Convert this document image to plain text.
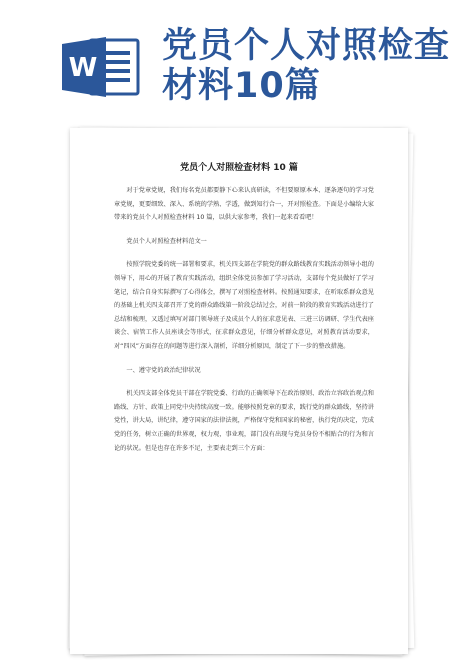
W
党员个人对照检查
材料10篇
党员个人对照检查材料 10 篇

对于党章党规，我们每名党员都要静下心来认真研读，不但要原原本本、逐条逐句的学习党章党规，更要细致、深入、系统的学熟、学透，做到知行合一，开对照检查。下面是小编给大家带来的党员个人对照检查材料 10 篇，以供大家参考，我们一起来看看吧！

党员个人对照检查材料范文一

按照学院党委的统一部署和要求，机关四支部在学院党的群众路线教育实践活动领导小组的领导下，用心的开展了教育实践活动，组织全体党员参加了学习活动，支部每个党员做好了学习笔记，结合自身实际撰写了心得体会，撰写了对照检查材料。按照通知要求，在听取系群众意见的基础上机关四支部召开了党的群众路线第一阶段总结过会，对前一阶段的教育实践活动进行了总结和梳理，又透过填写对部门领导班子及成员个人的征求意见表、三进三访调研、学生代表座谈会、宿管工作人员座谈会等形式，征求群众意见，仔细分析群众意见，对照教育活动要求，对“四风”方面存在的问题等进行深入剖析，详细分析原因，制定了下一步的整改措施。

一、遵守党的政治纪律状况

机关四支部全体党员干部在学院党委、行政的正确领导下在政治原则、政治立容政治观点和路线、方针、政策上同党中央持续高度一致。能够按照党章的要求，践行党的群众路线，坚持讲党性，讲大局，讲纪律，遵守国家的法律法规，严格保守党和国家的秘密，执行党的决定，完成党的任务，树立正确的世界观，权力观，事业观，部门没有出现与党员身份不相贴合的行为和言论的状况。但是也存在许多不足，主要表走到三个方面：
